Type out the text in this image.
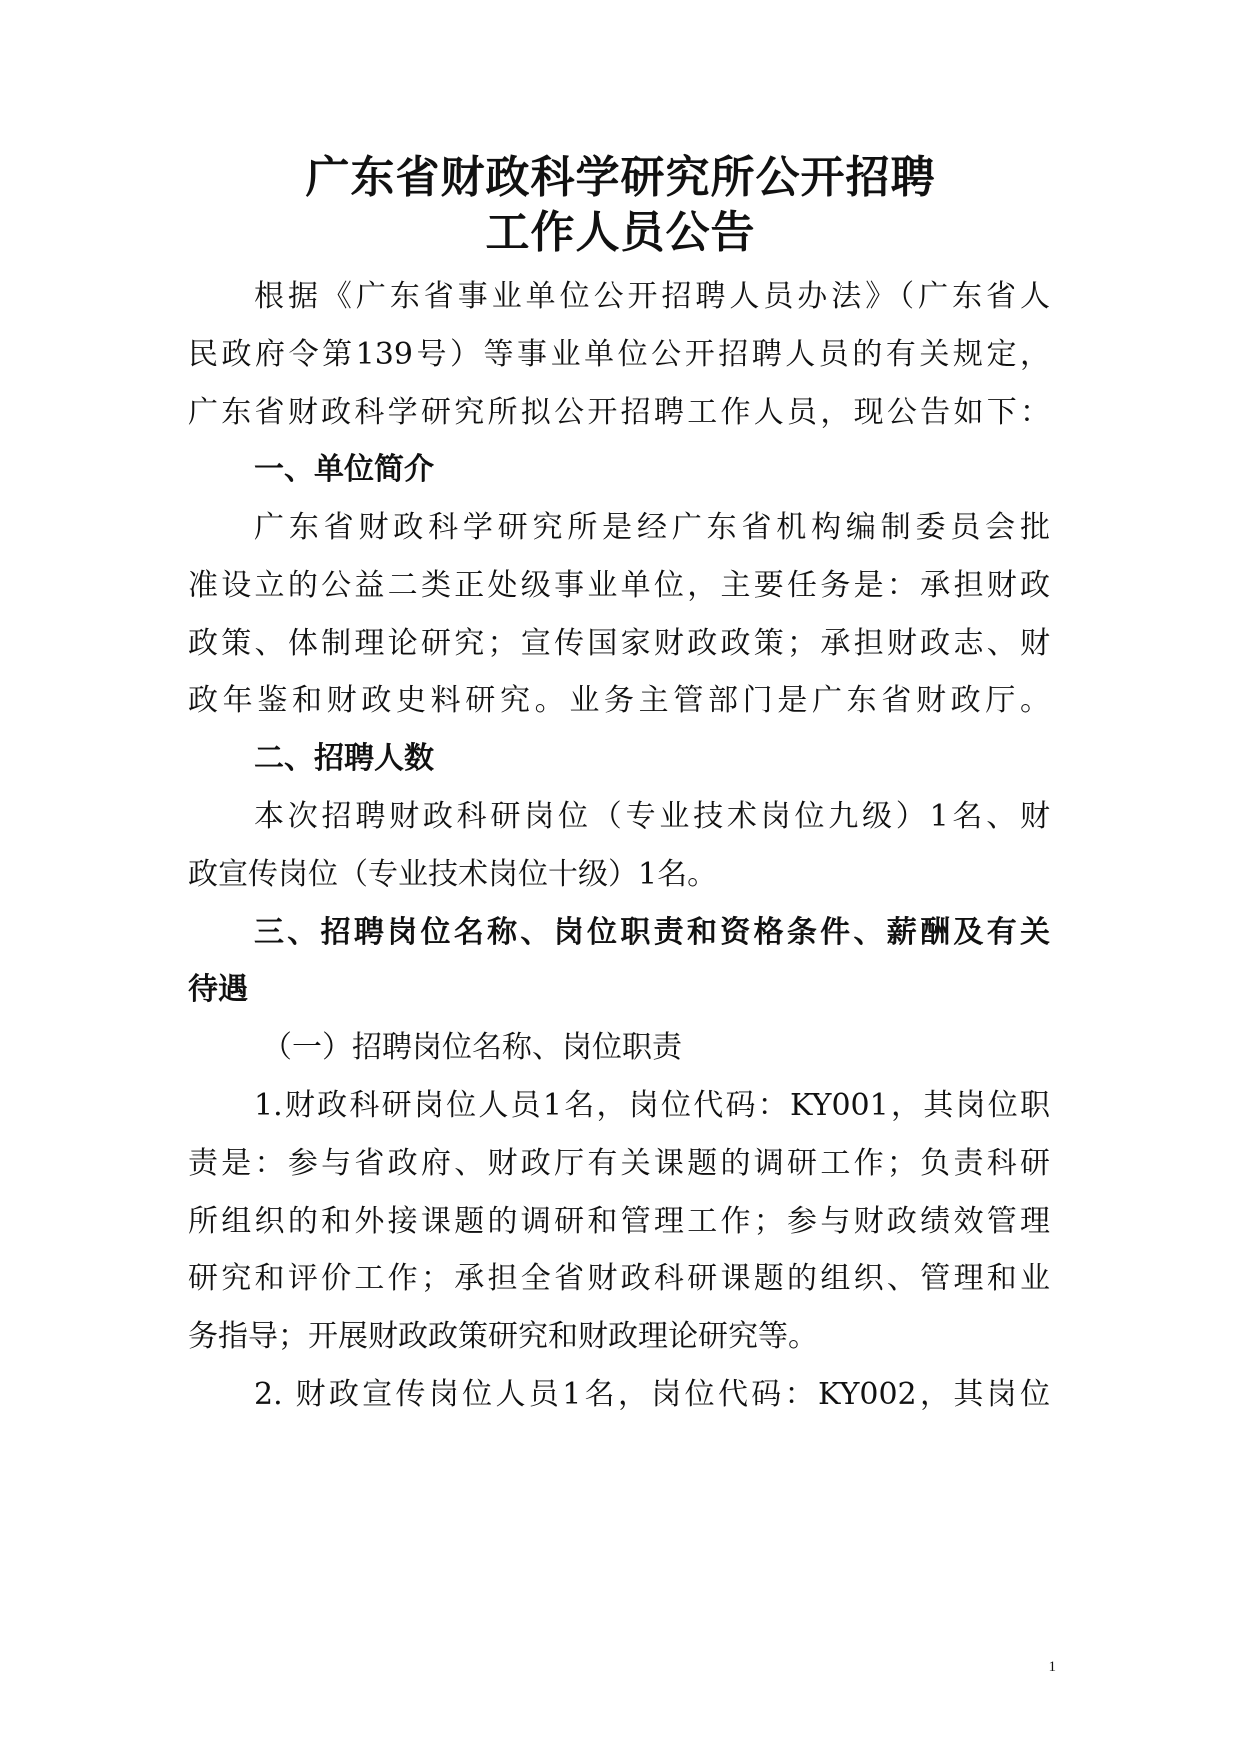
广东省财政科学研究所公开招聘
工作人员公告
根据《广东省事业单位公开招聘人员办法》（广东省人
民政府令第139号）等事业单位公开招聘人员的有关规定，
广东省财政科学研究所拟公开招聘工作人员，现公告如下：
一、单位简介
广东省财政科学研究所是经广东省机构编制委员会批
准设立的公益二类正处级事业单位，主要任务是：承担财政
政策、体制理论研究；宣传国家财政政策；承担财政志、财
政年鉴和财政史料研究。业务主管部门是广东省财政厅。
二、招聘人数
本次招聘财政科研岗位（专业技术岗位九级）1名、财
政宣传岗位（专业技术岗位十级）1名。
三、招聘岗位名称、岗位职责和资格条件、薪酬及有关
待遇
（一）招聘岗位名称、岗位职责
1.财政科研岗位人员1名，岗位代码：KY001，其岗位职
责是：参与省政府、财政厅有关课题的调研工作；负责科研
所组织的和外接课题的调研和管理工作；参与财政绩效管理
研究和评价工作；承担全省财政科研课题的组织、管理和业
务指导；开展财政政策研究和财政理论研究等。
2. 财政宣传岗位人员1名，岗位代码：KY002，其岗位
1
